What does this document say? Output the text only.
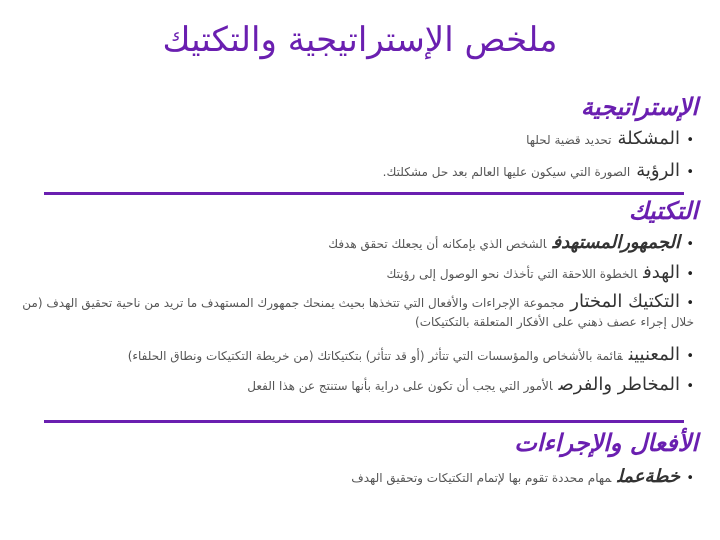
ملخص الإستراتيجية والتكتيك
الإستراتيجية
•المشكلةتحديد قضية لحلها
•الرؤيةالصورة التي سيكون عليها العالم بعد حل مشكلتك.
التكتيك
•الجمهورالمستهدفالشخص الذي بإمكانه أن يجعلك تحقق هدفك
•الهدفالخطوة اللاحقة التي تأخذك نحو الوصول إلى رؤيتك
•التكتيك المختارمجموعة الإجراءات والأفعال التي تتخذها بحيث يمنحك جمهورك المستهدف ما تريد من ناحية تحقيق الهدف (من خلال إجراء عصف ذهني على الأفكار المتعلقة بالتكتيكات)
•المعنيينقائمة بالأشخاص والمؤسسات التي تتأثر (أو قد تتأثر) بتكتيكاتك (من خريطة التكتيكات ونطاق الحلفاء)
•المخاطر والفرصالأمور التي يجب أن تكون على دراية بأنها ستنتج عن هذا الفعل
الأفعال والإجراءات
•خطةعملمهام محددة تقوم بها لإتمام التكتيكات وتحقيق الهدف
